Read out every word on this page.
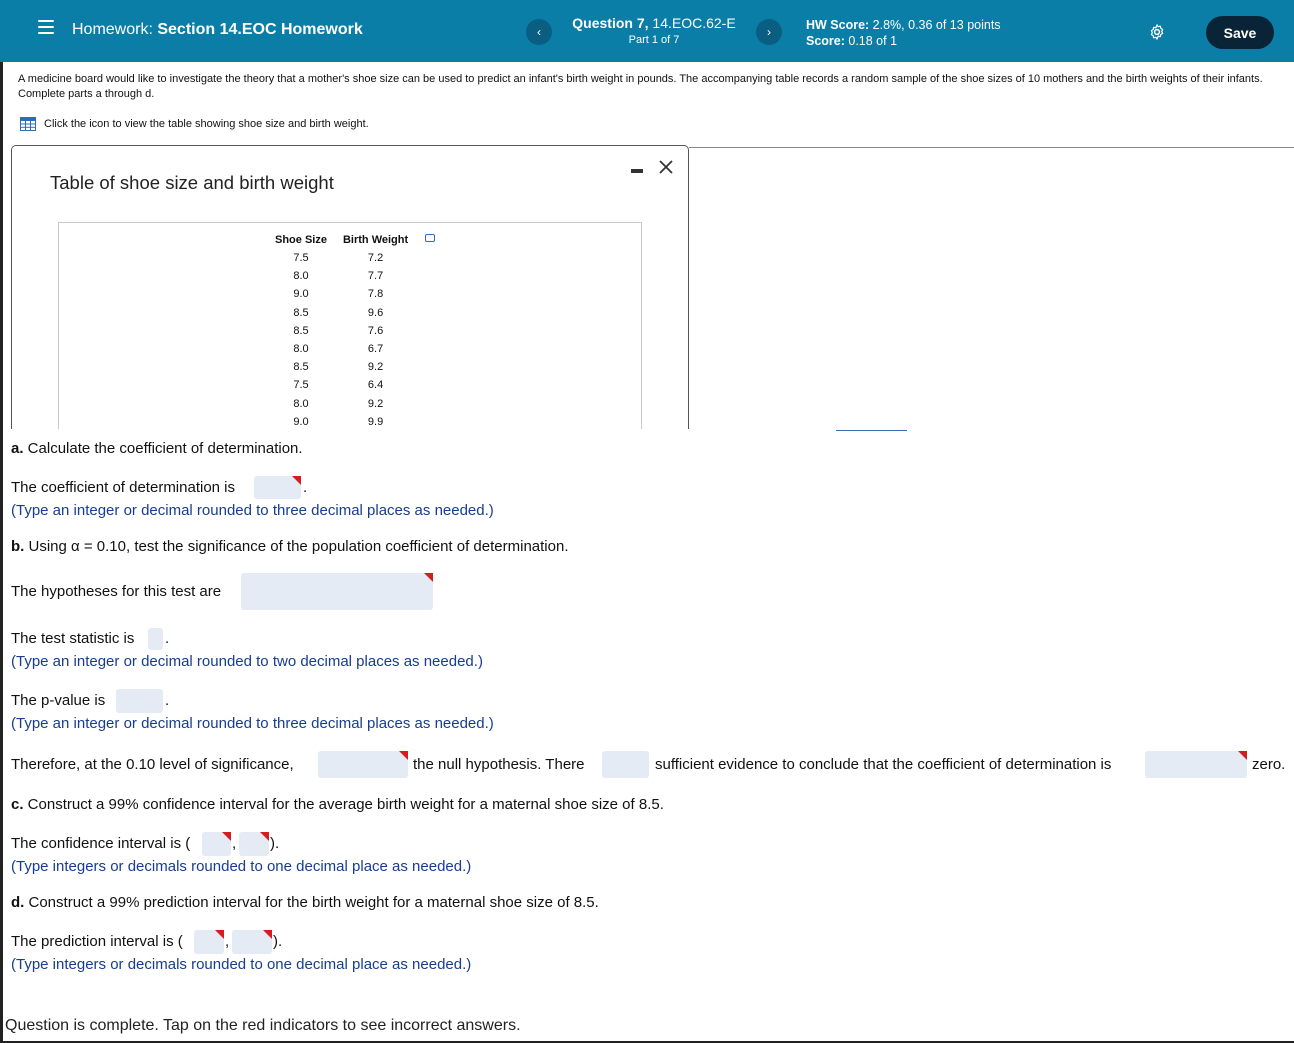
Homework: Section 14.EOC Homework	‹
Question 7, 14.EOC.62-E
Part 1 of 7
›	HW Score: 2.8%, 0.36 of 13 points
Score: 0.18 of 1
Save
A medicine board would like to investigate the theory that a mother's shoe size can be used to predict an infant's birth weight in pounds. The accompanying table records a random sample of the shoe sizes of 10 mothers and the birth weights of their infants. Complete parts a through d.
Click the icon to view the table showing shoe size and birth weight.
Table of shoe size and birth weight
Shoe Size	Birth Weight
7.5	7.2
8.0	7.7
9.0	7.8
8.5	9.6
8.5	7.6
8.0	6.7
8.5	9.2
7.5	6.4
8.0	9.2
9.0	9.9
a. Calculate the coefficient of determination.
The coefficient of determination is	.
(Type an integer or decimal rounded to three decimal places as needed.)
b. Using α = 0.10, test the significance of the population coefficient of determination.
The hypotheses for this test are
The test statistic is .
(Type an integer or decimal rounded to two decimal places as needed.)
The p-value is	.
(Type an integer or decimal rounded to three decimal places as needed.)
Therefore, at the 0.10 level of significance,	the null hypothesis. There	sufficient evidence to conclude that the coefficient of determination is	zero.
c. Construct a 99% confidence interval for the average birth weight for a maternal shoe size of 8.5.
The confidence interval is (	, ).
(Type integers or decimals rounded to one decimal place as needed.)
d. Construct a 99% prediction interval for the birth weight for a maternal shoe size of 8.5.
The prediction interval is (	,	).
(Type integers or decimals rounded to one decimal place as needed.)
Question is complete. Tap on the red indicators to see incorrect answers.
